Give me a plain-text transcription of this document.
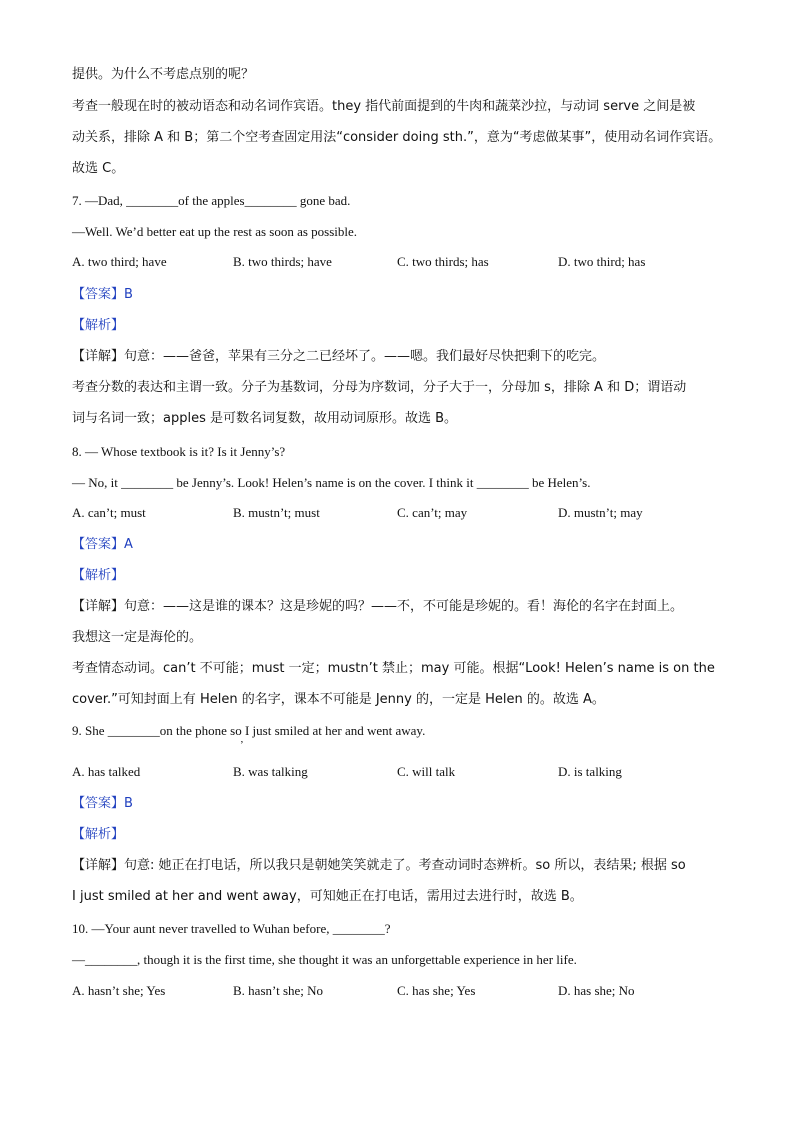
提供。为什么不考虑点别的呢？
考查一般现在时的被动语态和动名词作宾语。they 指代前面提到的牛肉和蔬菜沙拉，与动词 serve 之间是被
动关系，排除 A 和 B；第二个空考查固定用法“consider doing sth.”，意为“考虑做某事”，使用动名词作宾语。
故选 C。
7. —Dad, ________of the apples________ gone bad.
—Well. We’d better eat up the rest as soon as possible.
A. two third; have	B. two thirds; have	C. two thirds; has	D. two third; has
【答案】B
【解析】
【详解】句意：——爸爸，苹果有三分之二已经坏了。——嗯。我们最好尽快把剩下的吃完。
考查分数的表达和主谓一致。分子为基数词，分母为序数词，分子大于一，分母加 s，排除 A 和 D；谓语动
词与名词一致；apples 是可数名词复数，故用动词原形。故选 B。
8. — Whose textbook is it? Is it Jenny’s?
— No, it ________ be Jenny’s. Look! Helen’s name is on the cover. I think it ________ be Helen’s.
A. can’t; must	B. mustn’t; must	C. can’t; may	D. mustn’t; may
【答案】A
【解析】
【详解】句意：——这是谁的课本？这是珍妮的吗？——不，不可能是珍妮的。看！海伦的名字在封面上。
我想这一定是海伦的。
考查情态动词。can’t 不可能；must 一定；mustn’t 禁止；may 可能。根据“Look! Helen’s name is on the
cover.”可知封面上有 Helen 的名字，课本不可能是 Jenny 的，一定是 Helen 的。故选 A。
9. She ________on the phone so I just smiled at her and went away.
’
A. has talked	B. was talking	C. will talk	D. is talking
【答案】B
【解析】
【详解】句意: 她正在打电话，所以我只是朝她笑笑就走了。考查动词时态辨析。so 所以，表结果; 根据 so
I just smiled at her and went away，可知她正在打电话，需用过去进行时，故选 B。
10. —Your aunt never travelled to Wuhan before, ________?
—________, though it is the first time, she thought it was an unforgettable experience in her life.
A. hasn’t she; Yes	B. hasn’t she; No	C. has she; Yes	D. has she; No
